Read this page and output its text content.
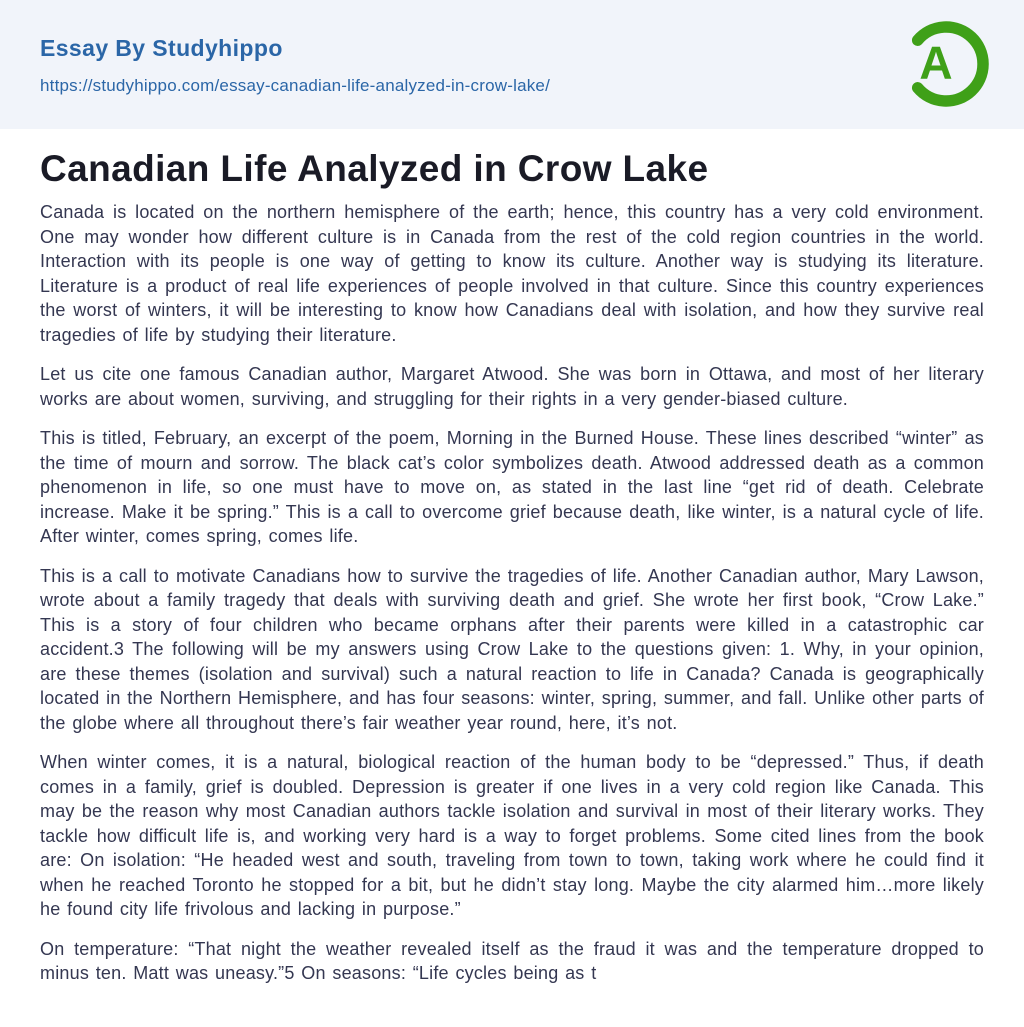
Essay By Studyhippo
https://studyhippo.com/essay-canadian-life-analyzed-in-crow-lake/	A
Canadian Life Analyzed in Crow Lake

Canada is located on the northern hemisphere of the earth; hence, this country has a very cold environment. One may wonder how different culture is in Canada from the rest of the cold region countries in the world. Interaction with its people is one way of getting to know its culture. Another way is studying its literature. Literature is a product of real life experiences of people involved in that culture. Since this country experiences the worst of winters, it will be interesting to know how Canadians deal with isolation, and how they survive real tragedies of life by studying their literature.

Let us cite one famous Canadian author, Margaret Atwood. She was born in Ottawa, and most of her literary works are about women, surviving, and struggling for their rights in a very gender-biased culture.

This is titled, February, an excerpt of the poem, Morning in the Burned House. These lines described “winter” as the time of mourn and sorrow. The black cat’s color symbolizes death. Atwood addressed death as a common phenomenon in life, so one must have to move on, as stated in the last line “get rid of death. Celebrate increase. Make it be spring.” This is a call to overcome grief because death, like winter, is a natural cycle of life. After winter, comes spring, comes life.

This is a call to motivate Canadians how to survive the tragedies of life. Another Canadian author, Mary Lawson, wrote about a family tragedy that deals with surviving death and grief. She wrote her first book, “Crow Lake.” This is a story of four children who became orphans after their parents were killed in a catastrophic car accident.3 The following will be my answers using Crow Lake to the questions given: 1. Why, in your opinion, are these themes (isolation and survival) such a natural reaction to life in Canada? Canada is geographically located in the Northern Hemisphere, and has four seasons: winter, spring, summer, and fall. Unlike other parts of the globe where all throughout there’s fair weather year round, here, it’s not.

When winter comes, it is a natural, biological reaction of the human body to be “depressed.” Thus, if death comes in a family, grief is doubled. Depression is greater if one lives in a very cold region like Canada. This may be the reason why most Canadian authors tackle isolation and survival in most of their literary works. They tackle how difficult life is, and working very hard is a way to forget problems. Some cited lines from the book are: On isolation: “He headed west and south, traveling from town to town, taking work where he could find it when he reached Toronto he stopped for a bit, but he didn’t stay long. Maybe the city alarmed him…more likely he found city life frivolous and lacking in purpose.”

On temperature: “That night the weather revealed itself as the fraud it was and the temperature dropped to minus ten. Matt was uneasy.”5 On seasons: “Life cycles being as t
